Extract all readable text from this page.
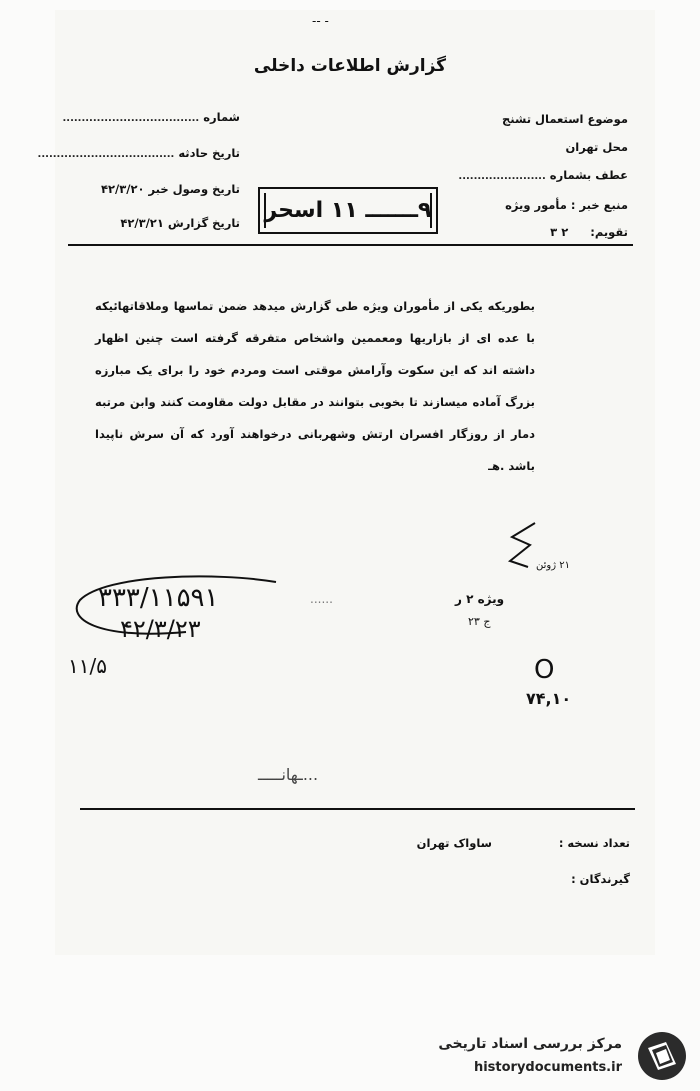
-- -
گزارش اطلاعات داخلی
موضوع استعمال تشنج
محل تهران
عطف بشماره .......................
منبع خبر : مأمور ویژه
تقویم: ۲ ۳
شماره ....................................
تاریخ حادثه ....................................
تاریخ وصول خبر ۴۲/۳/۲۰
تاریخ گزارش ۴۲/۳/۲۱	۹ـــــــ ۱۱ اسحر
بطوریکه یکی از مأموران ویژه طی گزارش میدهد ضمن تماسها وملاقاتهائیکه با عده ای از بازاریها ومعممین واشخاص متفرقه گرفته است چنین اظهار داشته اند که این سکوت وآرامش موقتی است ومردم خود را برای یک مبارزه بزرگ آماده میسازند تا بخوبی بتوانند در مقابل دولت مقاومت کنند وابن مرتبه دمار از روزگار افسران ارتش وشهربانی درخواهند آورد که آن سرش ناپیدا باشد .هـ
۲۱ ژوئن
۳۳۳/۱۱۵۹۱
۴۲/۳/۲۳
۱۱/۵
......	ویژه ۲ ر
۲۳ ج
O
۷۴,۱۰
...ـهانـــــ
تعداد نسخه :
ساواک تهران
گیرندگان :
مرکز بررسی اسناد تاریخی
historydocuments.ir
